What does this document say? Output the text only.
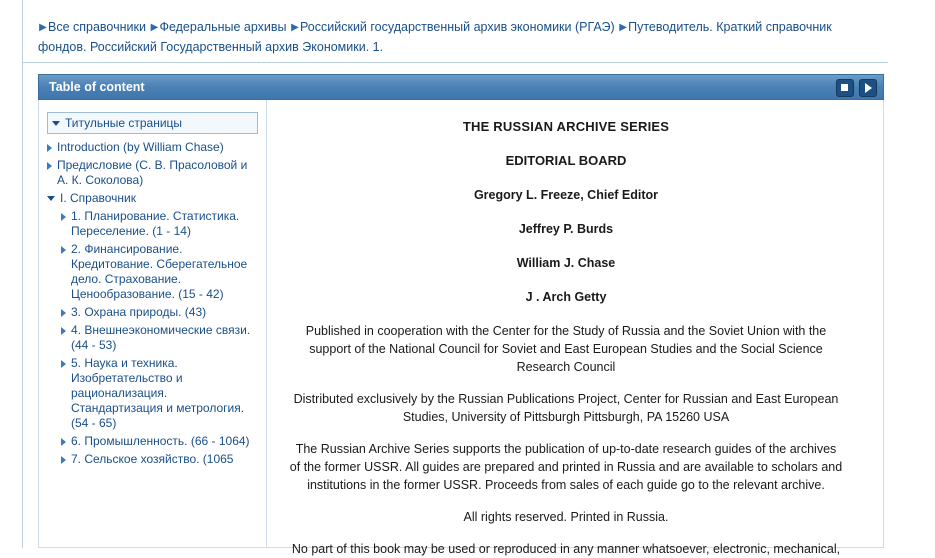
▶Все справочники ▶Федеральные архивы ▶Российский государственный архив экономики (РГАЭ) ▶Путеводитель. Краткий справочник фондов. Российский Государственный архив Экономики. 1.
Table of content
Титульные страницы
Introduction (by William Chase)
Предисловие (С. В. Прасоловой и А. К. Соколова)
I. Справочник
1. Планирование. Статистика. Переселение. (1 - 14)
2. Финансирование. Кредитование. Сберегательное дело. Страхование. Ценообразование. (15 - 42)
3. Охрана природы. (43)
4. Внешнеэкономические связи. (44 - 53)
5. Наука и техника. Изобретательство и рационализация. Стандартизация и метрология. (54 - 65)
6. Промышленность. (66 - 1064)
7. Сельское хозяйство. (1065

THE RUSSIAN ARCHIVE SERIES

EDITORIAL BOARD

Gregory L. Freeze, Chief Editor

Jeffrey P. Burds

William J. Chase

J . Arch Getty

Published in cooperation with the Center for the Study of Russia and the Soviet Union with the support of the National Council for Soviet and East European Studies and the Social Science Research Council

Distributed exclusively by the Russian Publications Project, Center for Russian and East European Studies, University of Pittsburgh Pittsburgh, PA 15260 USA

The Russian Archive Series supports the publication of up-to-date research guides of the archives of the former USSR. All guides are prepared and printed in Russia and are available to scholars and institutions in the former USSR. Proceeds from sales of each guide go to the relevant archive.

All rights reserved. Printed in Russia.

No part of this book may be used or reproduced in any manner whatsoever, electronic, mechanical,
